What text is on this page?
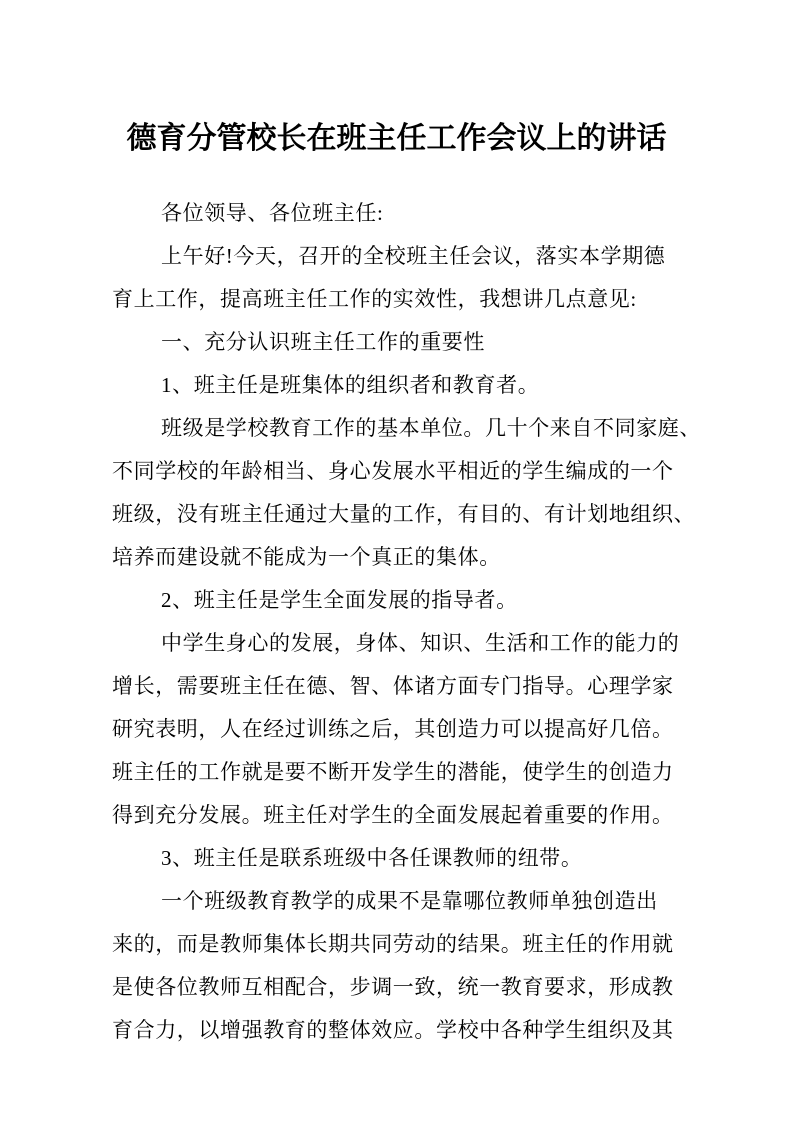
德育分管校长在班主任工作会议上的讲话
各位领导、各位班主任:
上午好!今天，召开的全校班主任会议，落实本学期德
育上工作，提高班主任工作的实效性，我想讲几点意见:
一、充分认识班主任工作的重要性
1、班主任是班集体的组织者和教育者。
班级是学校教育工作的基本单位。几十个来自不同家庭、
不同学校的年龄相当、身心发展水平相近的学生编成的一个
班级，没有班主任通过大量的工作，有目的、有计划地组织、
培养而建设就不能成为一个真正的集体。
2、班主任是学生全面发展的指导者。
中学生身心的发展，身体、知识、生活和工作的能力的
增长，需要班主任在德、智、体诸方面专门指导。心理学家
研究表明，人在经过训练之后，其创造力可以提高好几倍。
班主任的工作就是要不断开发学生的潜能，使学生的创造力
得到充分发展。班主任对学生的全面发展起着重要的作用。
3、班主任是联系班级中各任课教师的纽带。
一个班级教育教学的成果不是靠哪位教师单独创造出
来的，而是教师集体长期共同劳动的结果。班主任的作用就
是使各位教师互相配合，步调一致，统一教育要求，形成教
育合力，以增强教育的整体效应。学校中各种学生组织及其
